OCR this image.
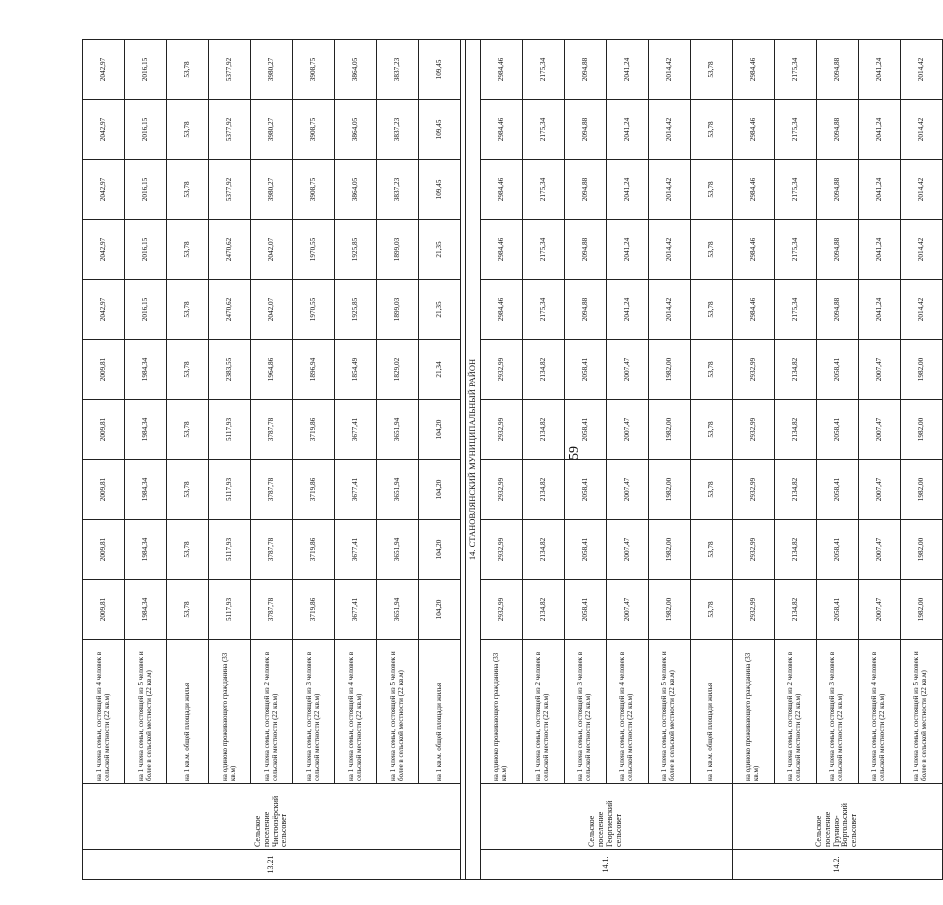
59
13.21	Сельское поселение Чистоозёрский сельсовет	на 1 члена семьи, состоящей из 4 человек в сельской местности (22 кв.м)	2009,81	2009,81	2009,81	2009,81	2009,81	2042,97	2042,97	2042,97	2042,97	2042,97
		на 1 члена семьи, состоящей из 5 человек и более в сельской местности (22 кв.м)	1984,34	1984,34	1984,34	1984,34	1984,34	2016,15	2016,15	2016,15	2016,15	2016,15
		на 1 кв.м. общей площади жилья	53,78	53,78	53,78	53,78	53,78	53,78	53,78	53,78	53,78	53,78
		на одиноко проживающего гражданина (33 кв.м)	5117,93	5117,93	5117,93	5117,93	2383,55	2470,62	2470,62	5377,92	5377,92	5377,92
		на 1 члена семьи, состоящей из 2 человек в сельской местности (22 кв.м)	3787,78	3787,78	3787,78	3787,78	1964,86	2042,07	2042,07	3980,27	3980,27	3980,27
		на 1 члена семьи, состоящей из 3 человек в сельской местности (22 кв.м)	3719,86	3719,86	3719,86	3719,86	1896,94	1970,55	1970,55	3908,75	3908,75	3908,75
		на 1 члена семьи, состоящей из 4 человек в сельской местности (22 кв.м)	3677,41	3677,41	3677,41	3677,41	1854,49	1925,85	1925,85	3864,05	3864,05	3864,05
		на 1 члена семьи, состоящей из 5 человек и более в сельской местности (22 кв.м)	3651,94	3651,94	3651,94	3651,94	1829,02	1899,03	1899,03	3837,23	3837,23	3837,23
		на 1 кв.м. общей площади жилья	104,20	104,20	104,20	104,20	21,34	21,35	21,35	109,45	109,45	109,45

14. СТАНОВЛЯНСКИЙ МУНИЦИПАЛЬНЫЙ РАЙОН												
14.1.	Сельское поселение Георгиевский сельсовет	на одиноко проживающего гражданина (33 кв.м)	2932,99	2932,99	2932,99	2932,99	2932,99	2984,46	2984,46	2984,46	2984,46	2984,46
		на 1 члена семьи, состоящей из 2 человек в сельской местности (22 кв.м)	2134,82	2134,82	2134,82	2134,82	2134,82	2175,34	2175,34	2175,34	2175,34	2175,34
		на 1 члена семьи, состоящей из 3 человек в сельской местности (22 кв.м)	2058,41	2058,41	2058,41	2058,41	2058,41	2094,88	2094,88	2094,88	2094,88	2094,88
		на 1 члена семьи, состоящей из 4 человек в сельской местности (22 кв.м)	2007,47	2007,47	2007,47	2007,47	2007,47	2041,24	2041,24	2041,24	2041,24	2041,24
		на 1 члена семьи, состоящей из 5 человек и более в сельской местности (22 кв.м)	1982,00	1982,00	1982,00	1982,00	1982,00	2014,42	2014,42	2014,42	2014,42	2014,42
		на 1 кв.м. общей площади жилья	53,78	53,78	53,78	53,78	53,78	53,78	53,78	53,78	53,78	53,78
14.2.	Сельское поселение Грунино-Воргольский сельсовет	на одиноко проживающего гражданина (33 кв.м)	2932,99	2932,99	2932,99	2932,99	2932,99	2984,46	2984,46	2984,46	2984,46	2984,46
		на 1 члена семьи, состоящей из 2 человек в сельской местности (22 кв.м)	2134,82	2134,82	2134,82	2134,82	2134,82	2175,34	2175,34	2175,34	2175,34	2175,34
		на 1 члена семьи, состоящей из 3 человек в сельской местности (22 кв.м)	2058,41	2058,41	2058,41	2058,41	2058,41	2094,88	2094,88	2094,88	2094,88	2094,88
		на 1 члена семьи, состоящей из 4 человек в сельской местности (22 кв.м)	2007,47	2007,47	2007,47	2007,47	2007,47	2041,24	2041,24	2041,24	2041,24	2041,24
		на 1 члена семьи, состоящей из 5 человек и более в сельской местности (22 кв.м)	1982,00	1982,00	1982,00	1982,00	1982,00	2014,42	2014,42	2014,42	2014,42	2014,42
